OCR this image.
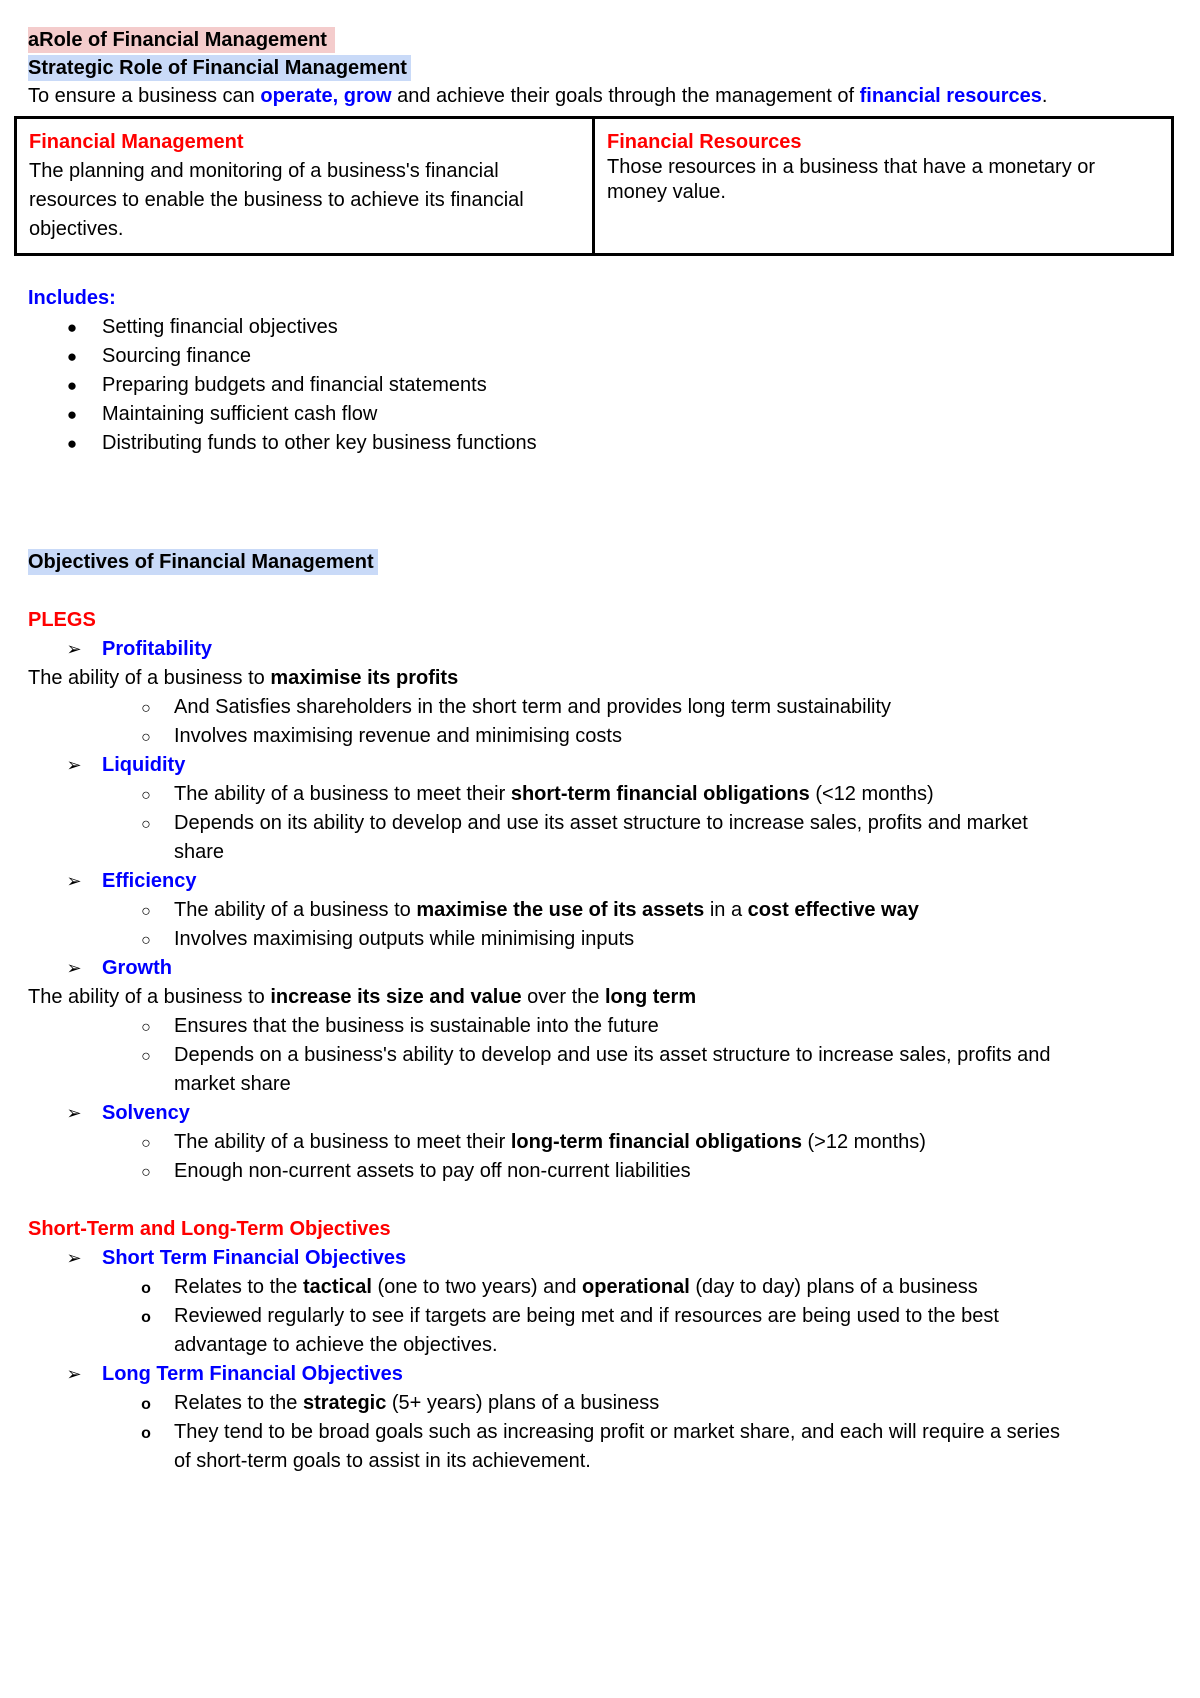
aRole of Financial Management
Strategic Role of Financial Management
To ensure a business can operate, grow and achieve their goals through the management of financial resources.
Financial Management
The planning and monitoring of a business's financial
resources to enable the business to achieve its financial
objectives.
Financial Resources
Those resources in a business that have a monetary or
money value.
Includes:
● Setting financial objectives
● Sourcing finance
● Preparing budgets and financial statements
● Maintaining sufficient cash flow
● Distributing funds to other key business functions
Objectives of Financial Management
PLEGS
➢ Profitability
The ability of a business to maximise its profits
○ And Satisfies shareholders in the short term and provides long term sustainability
○ Involves maximising revenue and minimising costs
➢ Liquidity
○ The ability of a business to meet their short-term financial obligations (<12 months)
○ Depends on its ability to develop and use its asset structure to increase sales, profits and market
share
➢ Efficiency
○ The ability of a business to maximise the use of its assets in a cost effective way
○ Involves maximising outputs while minimising inputs
➢ Growth
The ability of a business to increase its size and value over the long term
○ Ensures that the business is sustainable into the future
○ Depends on a business's ability to develop and use its asset structure to increase sales, profits and
market share
➢ Solvency
○ The ability of a business to meet their long-term financial obligations (>12 months)
○ Enough non-current assets to pay off non-current liabilities
Short-Term and Long-Term Objectives
➢ Short Term Financial Objectives
o Relates to the tactical (one to two years) and operational (day to day) plans of a business
o Reviewed regularly to see if targets are being met and if resources are being used to the best
advantage to achieve the objectives.
➢ Long Term Financial Objectives
o Relates to the strategic (5+ years) plans of a business
o They tend to be broad goals such as increasing profit or market share, and each will require a series
of short-term goals to assist in its achievement.
